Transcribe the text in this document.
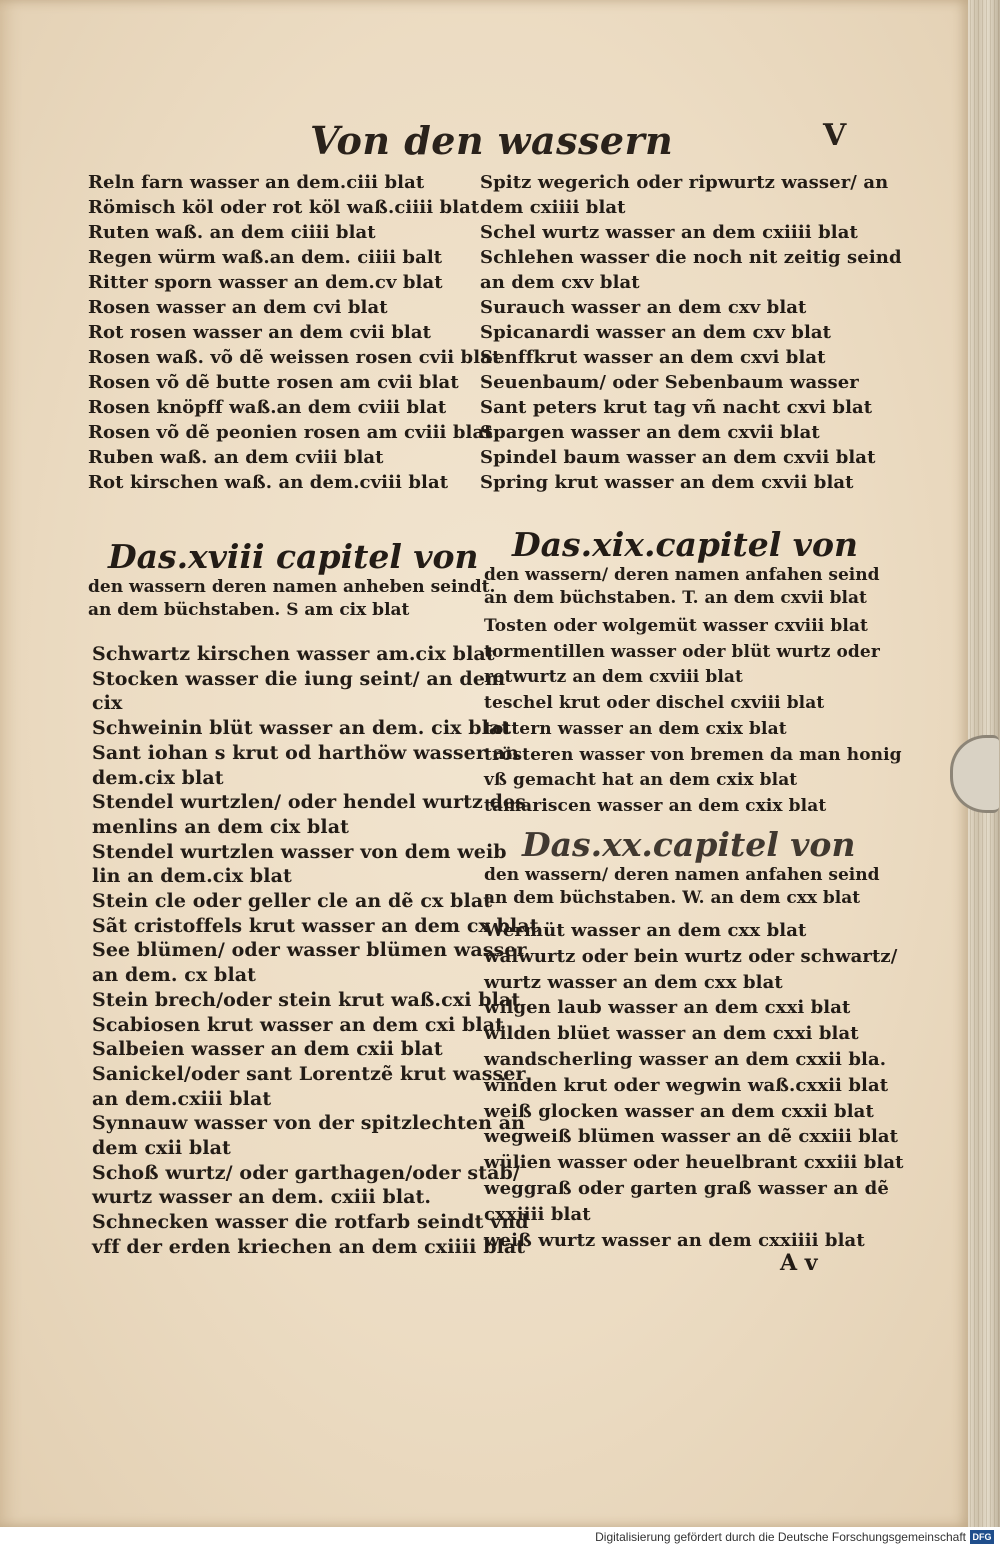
Von den wassern	V
Reln farn wasser an dem.ciii blat
Römisch köl oder rot köl waß.ciiii blat
Ruten waß. an dem ciiii blat
Regen würm waß.an dem. ciiii balt
Ritter sporn wasser an dem.cv blat
Rosen wasser an dem cvi blat
Rot rosen wasser an dem cvii blat
Rosen waß. võ dẽ weissen rosen cvii blat
Rosen võ dẽ butte rosen am cvii blat
Rosen knöpff waß.an dem cviii blat
Rosen võ dẽ peonien rosen am cviii blat
Ruben waß. an dem cviii blat
Rot kirschen waß. an dem.cviii blat
Spitz wegerich oder ripwurtz wasser/ an
dem cxiiii blat
Schel wurtz wasser an dem cxiiii blat
Schlehen wasser die noch nit zeitig seind
an dem cxv blat
Surauch wasser an dem cxv blat
Spicanardi wasser an dem cxv blat
Senffkrut wasser an dem cxvi blat
Seuenbaum/ oder Sebenbaum wasser
Sant peters krut tag vñ nacht cxvi blat
Spargen wasser an dem cxvii blat
Spindel baum wasser an dem cxvii blat
Spring krut wasser an dem cxvii blat
Das.xviii capitel von
den wassern deren namen anheben seindt.
an dem büchstaben. S am cix blat
Schwartz kirschen wasser am.cix blat
Stocken wasser die iung seint/ an dem
cix
Schweinin blüt wasser an dem. cix blat
Sant iohan s krut od harthöw wasser an
dem.cix blat
Stendel wurtzlen/ oder hendel wurtz des
menlins an dem cix blat
Stendel wurtzlen wasser von dem weib
lin an dem.cix blat
Stein cle oder geller cle an dẽ cx blat
Sãt cristoffels krut wasser an dem cx blat
See blümen/ oder wasser blümen wasser
an dem. cx blat
Stein brech/oder stein krut waß.cxi blat
Scabiosen krut wasser an dem cxi blat
Salbeien wasser an dem cxii blat
Sanickel/oder sant Lorentzẽ krut wasser
an dem.cxiii blat
Synnauw wasser von der spitzlechten an
dem cxii blat
Schoß wurtz/ oder garthagen/oder stab/
wurtz wasser an dem. cxiii blat.
Schnecken wasser die rotfarb seindt vnd
vff der erden kriechen an dem cxiiii blat
Das.xix.capitel von
den wassern/ deren namen anfahen seind
an dem büchstaben. T. an dem cxvii blat
Tosten oder wolgemüt wasser cxviii blat
tormentillen wasser oder blüt wurtz oder
rotwurtz an dem cxviii blat
teschel krut oder dischel cxviii blat
tottern wasser an dem cxix blat
trösteren wasser von bremen da man honig
vß gemacht hat an dem cxix blat
tamariscen wasser an dem cxix blat
Das.xx.capitel von
den wassern/ deren namen anfahen seind
an dem büchstaben. W. an dem cxx blat
Wermüt wasser an dem cxx blat
walwurtz oder bein wurtz oder schwartz/
wurtz wasser an dem cxx blat
wilgen laub wasser an dem cxxi blat
wilden blüet wasser an dem cxxi blat
wandscherling wasser an dem cxxii bla.
winden krut oder wegwin waß.cxxii blat
weiß glocken wasser an dem cxxii blat
wegweiß blümen wasser an dẽ cxxiii blat
wülien wasser oder heuelbrant cxxiii blat
weggraß oder garten graß wasser an dẽ
cxxiiii blat
weiß wurtz wasser an dem cxxiiii blat
A v
Digitalisierung gefördert durch die Deutsche Forschungsgemeinschaft DFG
